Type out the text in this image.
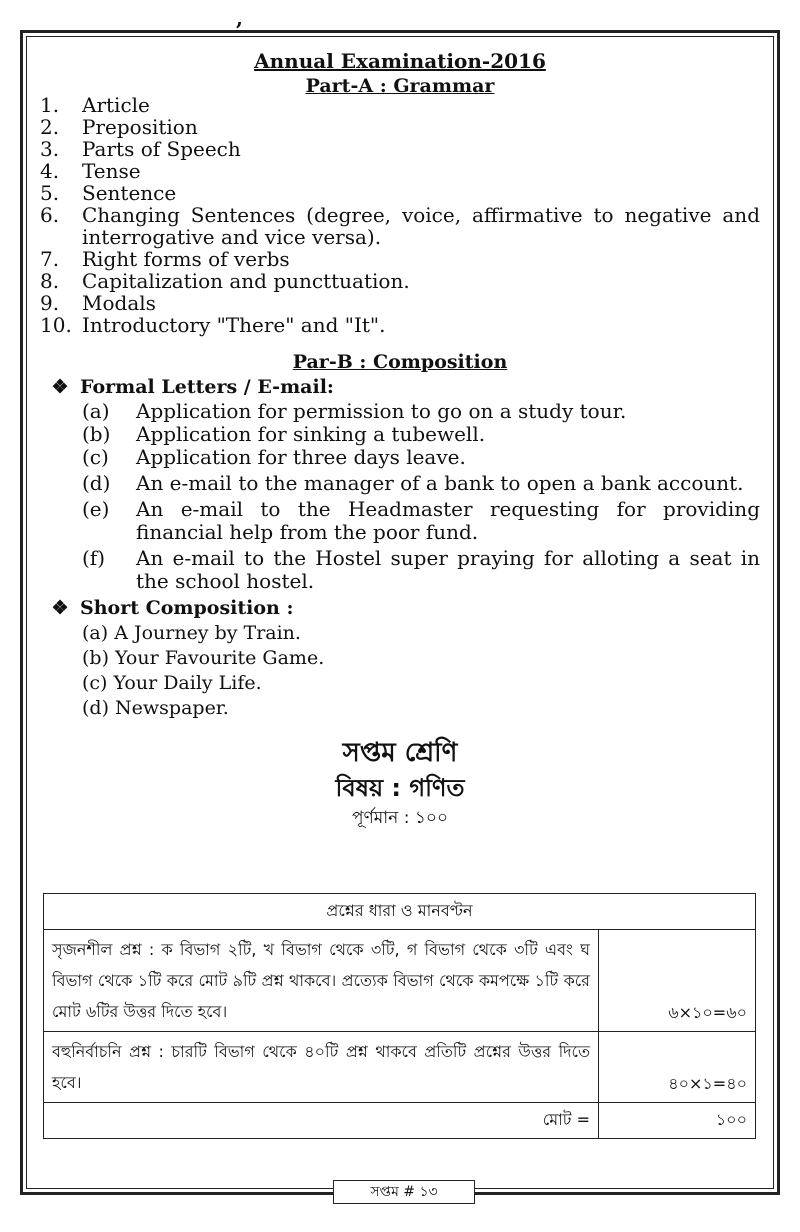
,
Annual Examination-2016
Part-A : Grammar
1.	Article
2.	Preposition
3.	Parts of Speech
4.	Tense
5.	Sentence
6.	Changing Sentences (degree, voice, affirmative to negative and interrogative and vice versa).
7.	Right forms of verbs
8.	Capitalization and puncttuation.
9.	Modals
10. Introductory "There" and "It".
Par-B : Composition
❖ Formal Letters / E-mail:
(a)	Application for permission to go on a study tour.
(b)	Application for sinking a tubewell.
(c)	Application for three days leave.
(d)	An e-mail to the manager of a bank to open a bank account.
(e)	An e-mail to the Headmaster requesting for providing financial help from the poor fund.
(f)	An e-mail to the Hostel super praying for alloting a seat in the school hostel.
❖ Short Composition :
(a) A Journey by Train.
(b) Your Favourite Game.
(c) Your Daily Life.
(d) Newspaper.
সপ্তম শ্রেণি
বিষয় : গণিত
পূর্ণমান : ১০০
প্রশ্নের ধারা ও মানবণ্টন	
সৃজনশীল প্রশ্ন : ক বিভাগ ২টি, খ বিভাগ থেকে ৩টি, গ বিভাগ থেকে ৩টি এবং ঘ বিভাগ থেকে ১টি করে মোট ৯টি প্রশ্ন থাকবে। প্রত্যেক বিভাগ থেকে কমপক্ষে ১টি করে মোট ৬টির উত্তর দিতে হবে।	৬×১০=৬০
বহুনির্বাচনি প্রশ্ন : চারটি বিভাগ থেকে ৪০টি প্রশ্ন থাকবে প্রতিটি প্রশ্নের উত্তর দিতে হবে।	৪০×১=৪০
মোট =	১০০
সপ্তম # ১৩
